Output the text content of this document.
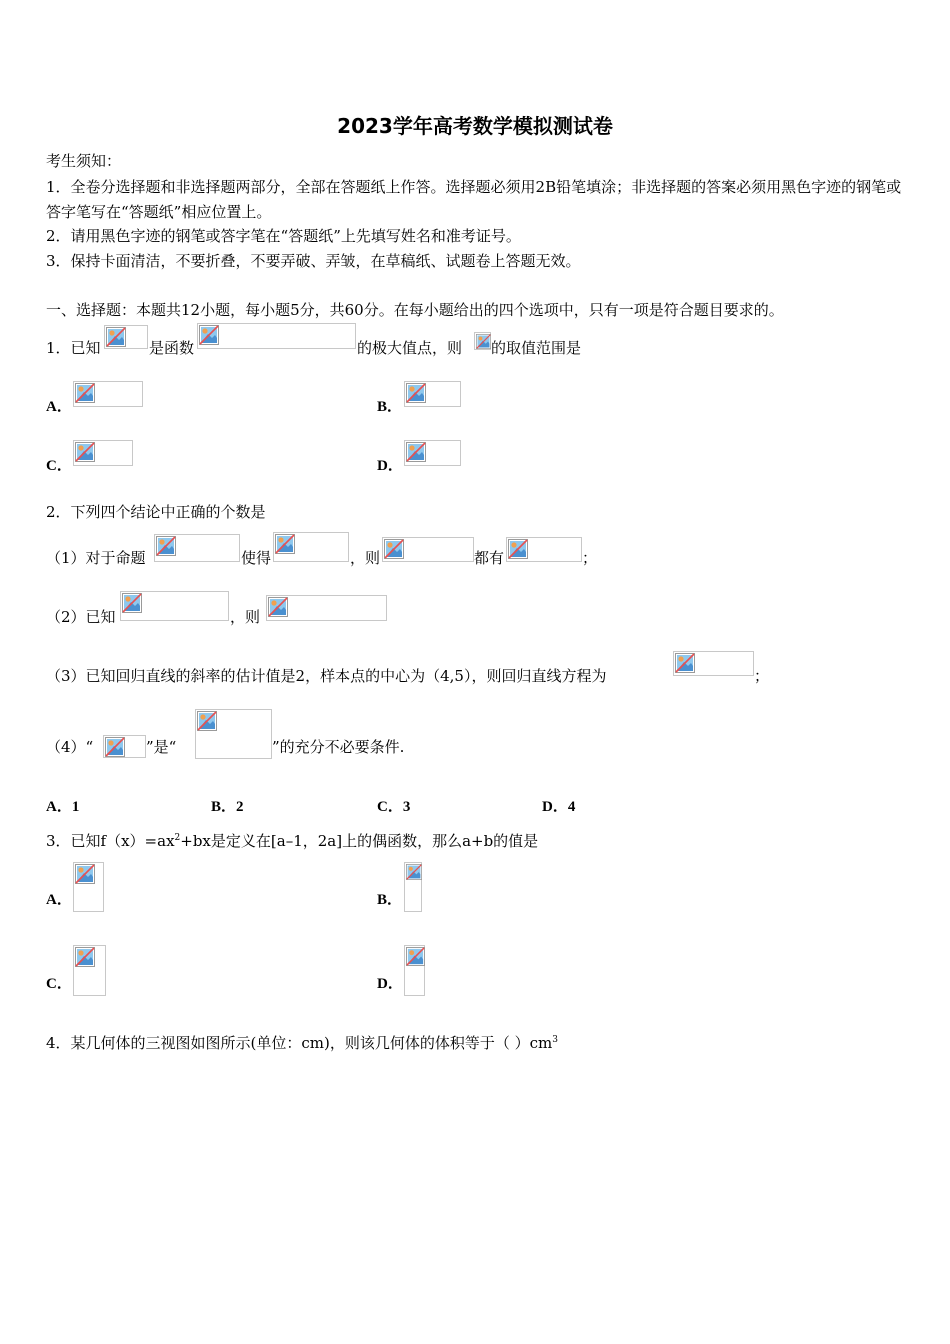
2023学年高考数学模拟测试卷
考生须知：
1．全卷分选择题和非选择题两部分，全部在答题纸上作答。选择题必须用2B铅笔填涂；非选择题的答案必须用黑色字迹的钢笔或答字笔写在“答题纸”相应位置上。
2．请用黑色字迹的钢笔或答字笔在“答题纸”上先填写姓名和准考证号。
3．保持卡面清洁，不要折叠，不要弄破、弄皱，在草稿纸、试题卷上答题无效。
一、选择题：本题共12小题，每小题5分，共60分。在每小题给出的四个选项中，只有一项是符合题目要求的。
1．已知	是函数	的极大值点，则 的取值范围是
A．	B．
C．	D．
2．下列四个结论中正确的个数是
（1）对于命题	使得	，则	都有	；
（2）已知	，则
（3）已知回归直线的斜率的估计值是2，样本点的中心为（4,5），则回归直线方程为	；
（4）“	”是“	”的充分不必要条件.
A．1	B．2	C．3	D．4
3．已知$f(x)=ax^2+bx$是定义在[a–1，2a]上的偶函数，那么a+b的值是
A．	B．
C．	D．
4．某几何体的三视图如图所示(单位：cm)，则该几何体的体积等于（ ）$cm^3$
